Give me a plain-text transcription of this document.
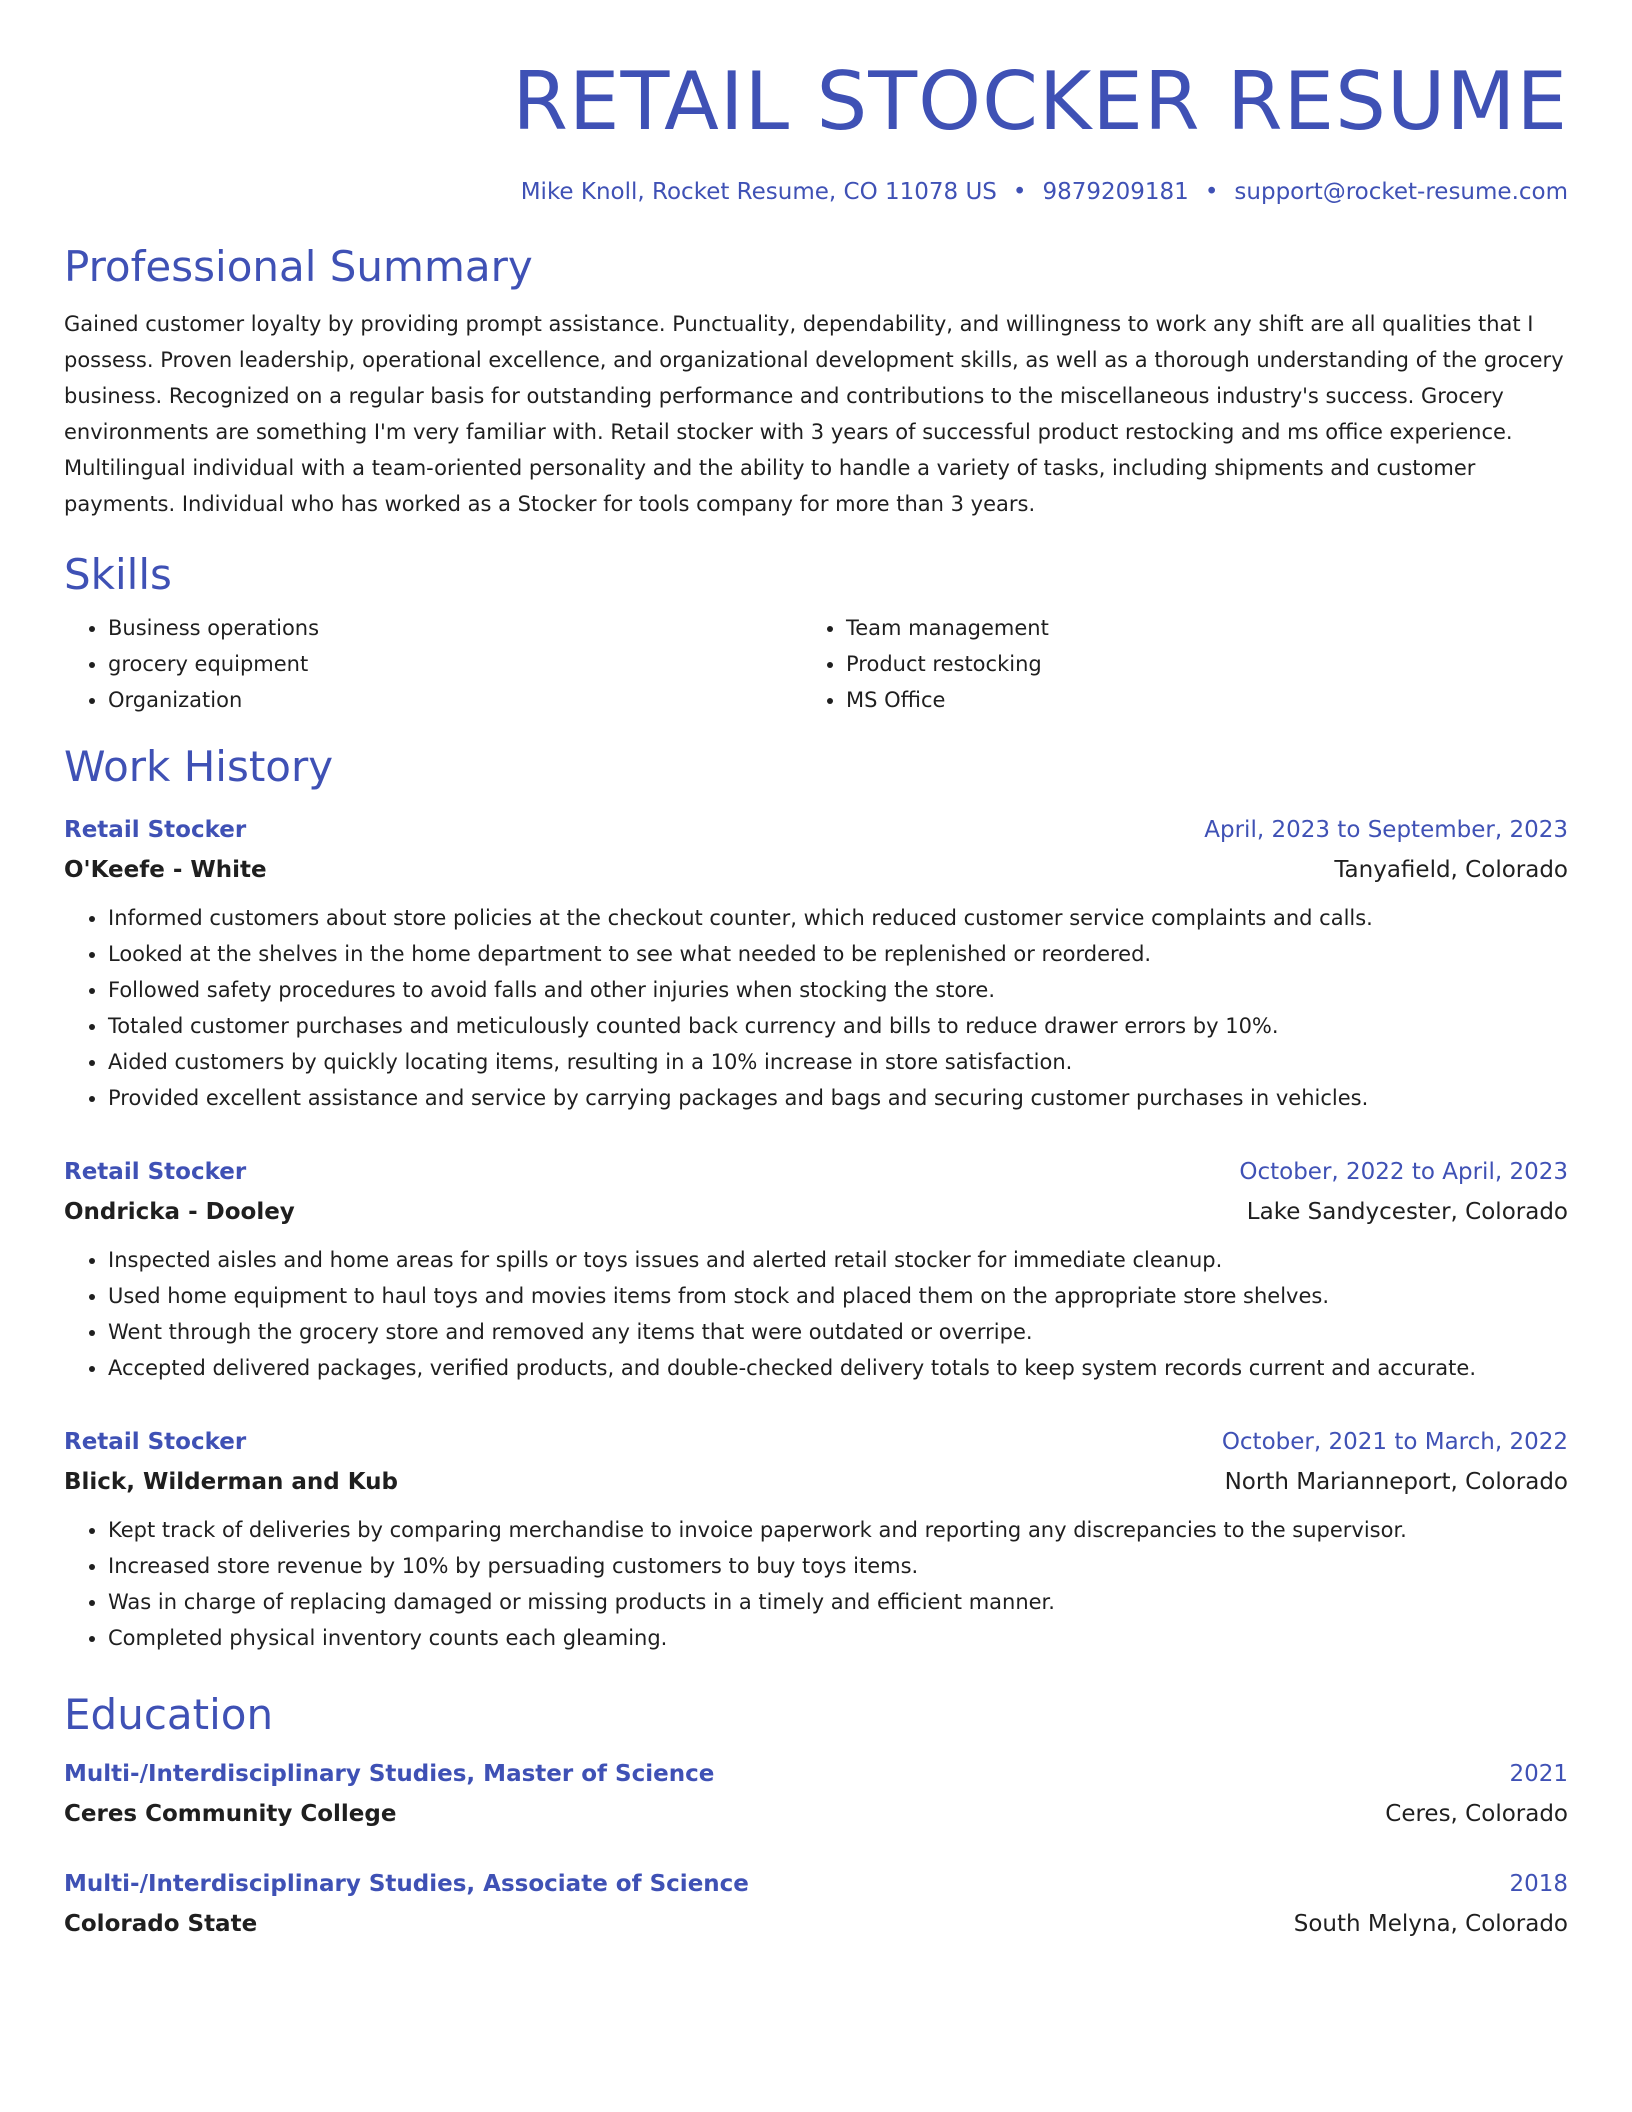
RETAIL STOCKER RESUME
Mike Knoll, Rocket Resume, CO 11078 US • 9879209181 • support@rocket-resume.com
Professional Summary

Gained customer loyalty by providing prompt assistance. Punctuality, dependability, and willingness to work any shift are all qualities that I possess. Proven leadership, operational excellence, and organizational development skills, as well as a thorough understanding of the grocery business. Recognized on a regular basis for outstanding performance and contributions to the miscellaneous industry's success. Grocery environments are something I'm very familiar with. Retail stocker with 3 years of successful product restocking and ms office experience. Multilingual individual with a team-oriented personality and the ability to handle a variety of tasks, including shipments and customer payments. Individual who has worked as a Stocker for tools company for more than 3 years.

Skills
• Business operations
• grocery equipment
• Organization
• Team management
• Product restocking
• MS Office
Work History
Retail Stocker	April, 2023 to September, 2023
O'Keefe - White	Tanyafield, Colorado
• Informed customers about store policies at the checkout counter, which reduced customer service complaints and calls.
• Looked at the shelves in the home department to see what needed to be replenished or reordered.
• Followed safety procedures to avoid falls and other injuries when stocking the store.
• Totaled customer purchases and meticulously counted back currency and bills to reduce drawer errors by 10%.
• Aided customers by quickly locating items, resulting in a 10% increase in store satisfaction.
• Provided excellent assistance and service by carrying packages and bags and securing customer purchases in vehicles.
Retail Stocker	October, 2022 to April, 2023
Ondricka - Dooley	Lake Sandycester, Colorado
• Inspected aisles and home areas for spills or toys issues and alerted retail stocker for immediate cleanup.
• Used home equipment to haul toys and movies items from stock and placed them on the appropriate store shelves.
• Went through the grocery store and removed any items that were outdated or overripe.
• Accepted delivered packages, verified products, and double-checked delivery totals to keep system records current and accurate.
Retail Stocker	October, 2021 to March, 2022
Blick, Wilderman and Kub	North Marianneport, Colorado
• Kept track of deliveries by comparing merchandise to invoice paperwork and reporting any discrepancies to the supervisor.
• Increased store revenue by 10% by persuading customers to buy toys items.
• Was in charge of replacing damaged or missing products in a timely and efficient manner.
• Completed physical inventory counts each gleaming.
Education
Multi-/Interdisciplinary Studies, Master of Science	2021
Ceres Community College	Ceres, Colorado
Multi-/Interdisciplinary Studies, Associate of Science	2018
Colorado State	South Melyna, Colorado
